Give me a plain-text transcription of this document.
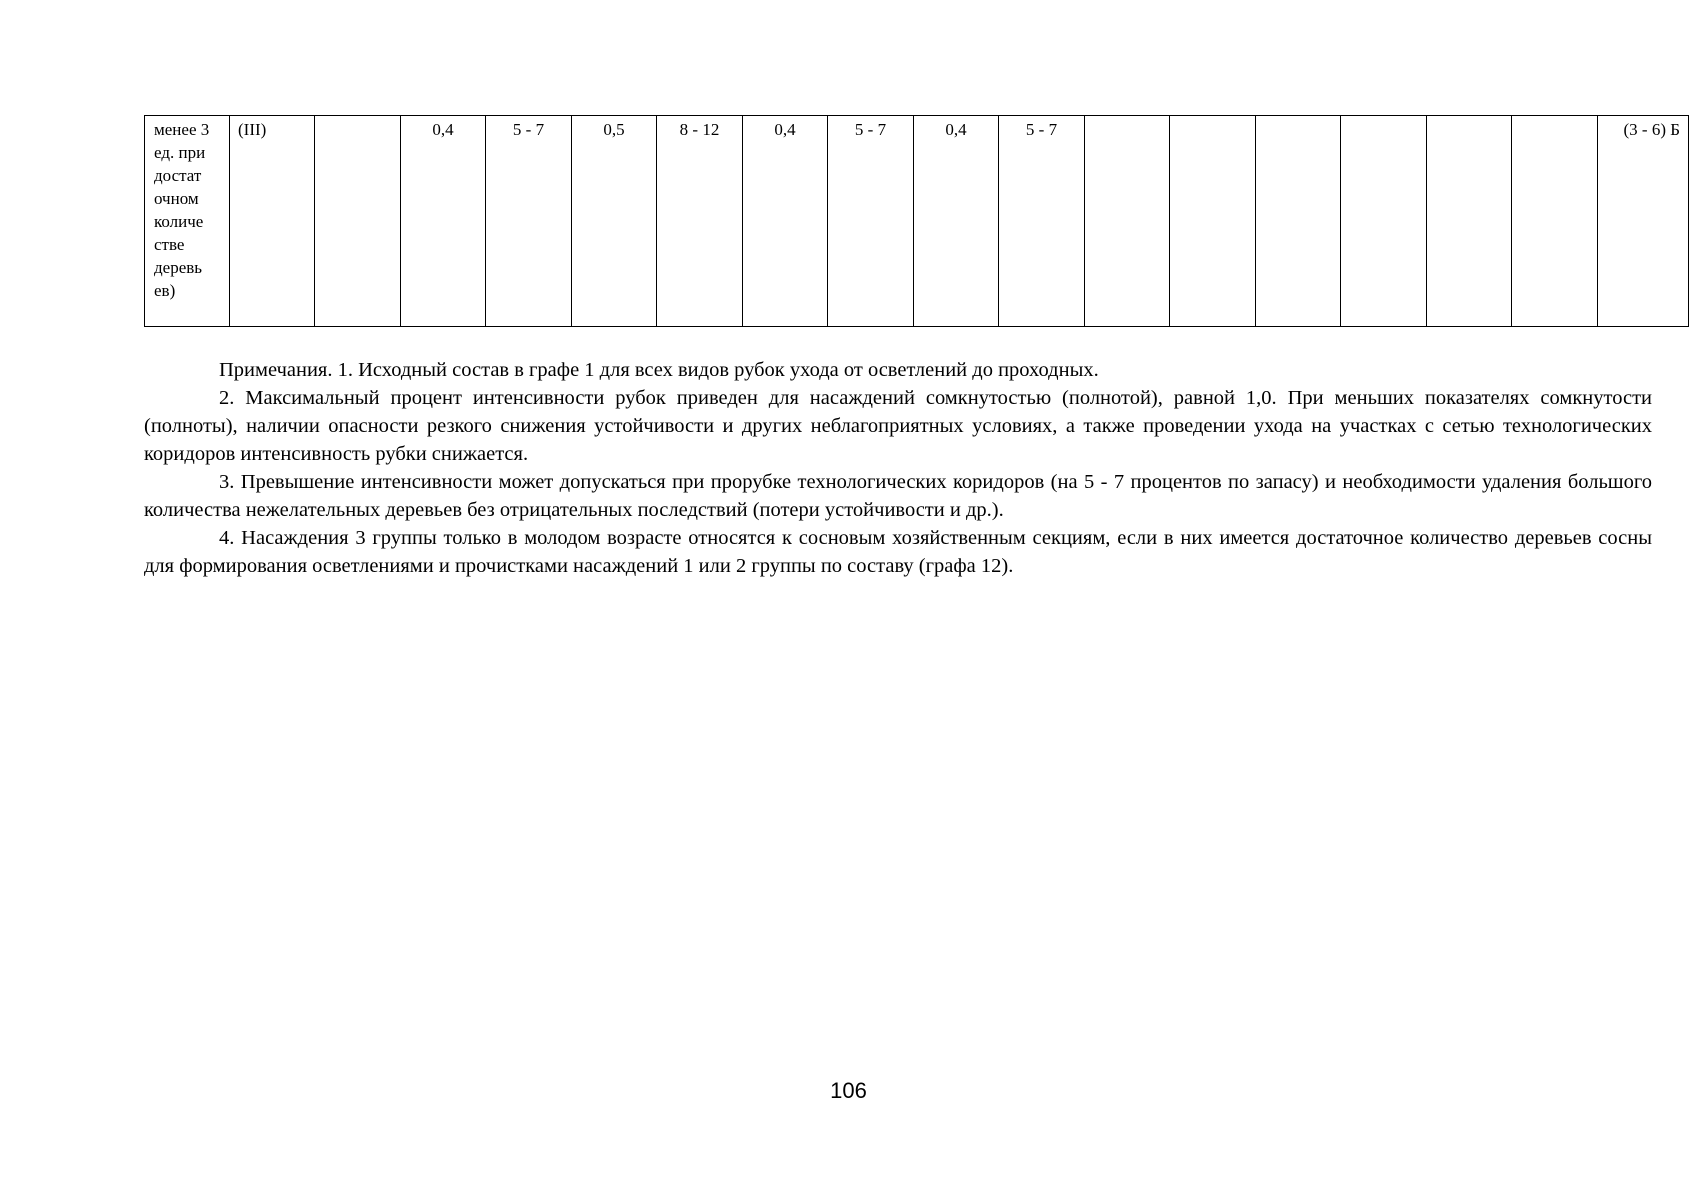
менее 3 ед. при достат очном количе стве деревь ев)	(III)		0,4	5 - 7	0,5	8 - 12	0,4	5 - 7	0,4	5 - 7							(3 - 6) Б

Примечания. 1. Исходный состав в графе 1 для всех видов рубок ухода от осветлений до проходных.

2. Максимальный процент интенсивности рубок приведен для насаждений сомкнутостью (полнотой), равной 1,0. При меньших показателях сомкнутости (полноты), наличии опасности резкого снижения устойчивости и других неблагоприятных условиях, а также проведении ухода на участках с сетью технологических коридоров интенсивность рубки снижается.

3. Превышение интенсивности может допускаться при прорубке технологических коридоров (на 5 - 7 процентов по запасу) и необходимости удаления большого количества нежелательных деревьев без отрицательных последствий (потери устойчивости и др.).

4. Насаждения 3 группы только в молодом возрасте относятся к сосновым хозяйственным секциям, если в них имеется достаточное количество деревьев сосны для формирования осветлениями и прочистками насаждений 1 или 2 группы по составу (графа 12).

106
